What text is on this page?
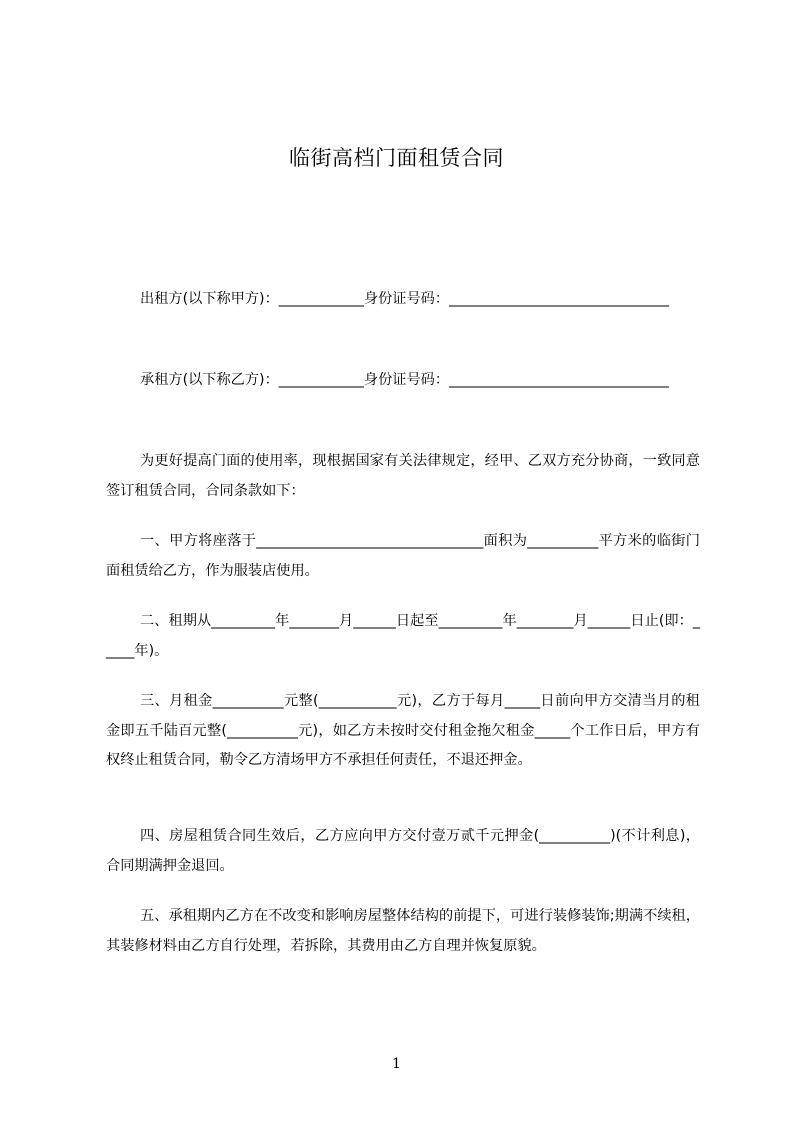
临街高档门面租赁合同
出租方(以下称甲方)：____________身份证号码：_______________________________
承租方(以下称乙方)：____________身份证号码：_______________________________
为更好提高门面的使用率，现根据国家有关法律规定，经甲、乙双方充分协商，一致同意签订租赁合同，合同条款如下：
一、甲方将座落于________________________________面积为__________平方米的临街门面租赁给乙方，作为服装店使用。
二、租期从_________年_______月______日起至_________年________月______日止(即：_____年)。
三、月租金__________元整(___________元)，乙方于每月_____日前向甲方交清当月的租金即五千陆百元整(__________元)，如乙方未按时交付租金拖欠租金_____个工作日后，甲方有权终止租赁合同，勒令乙方清场甲方不承担任何责任，不退还押金。
四、房屋租赁合同生效后，乙方应向甲方交付壹万贰千元押金(__________)(不计利息)，合同期满押金退回。
五、承租期内乙方在不改变和影响房屋整体结构的前提下，可进行装修装饰;期满不续租，其装修材料由乙方自行处理，若拆除，其费用由乙方自理并恢复原貌。
1
